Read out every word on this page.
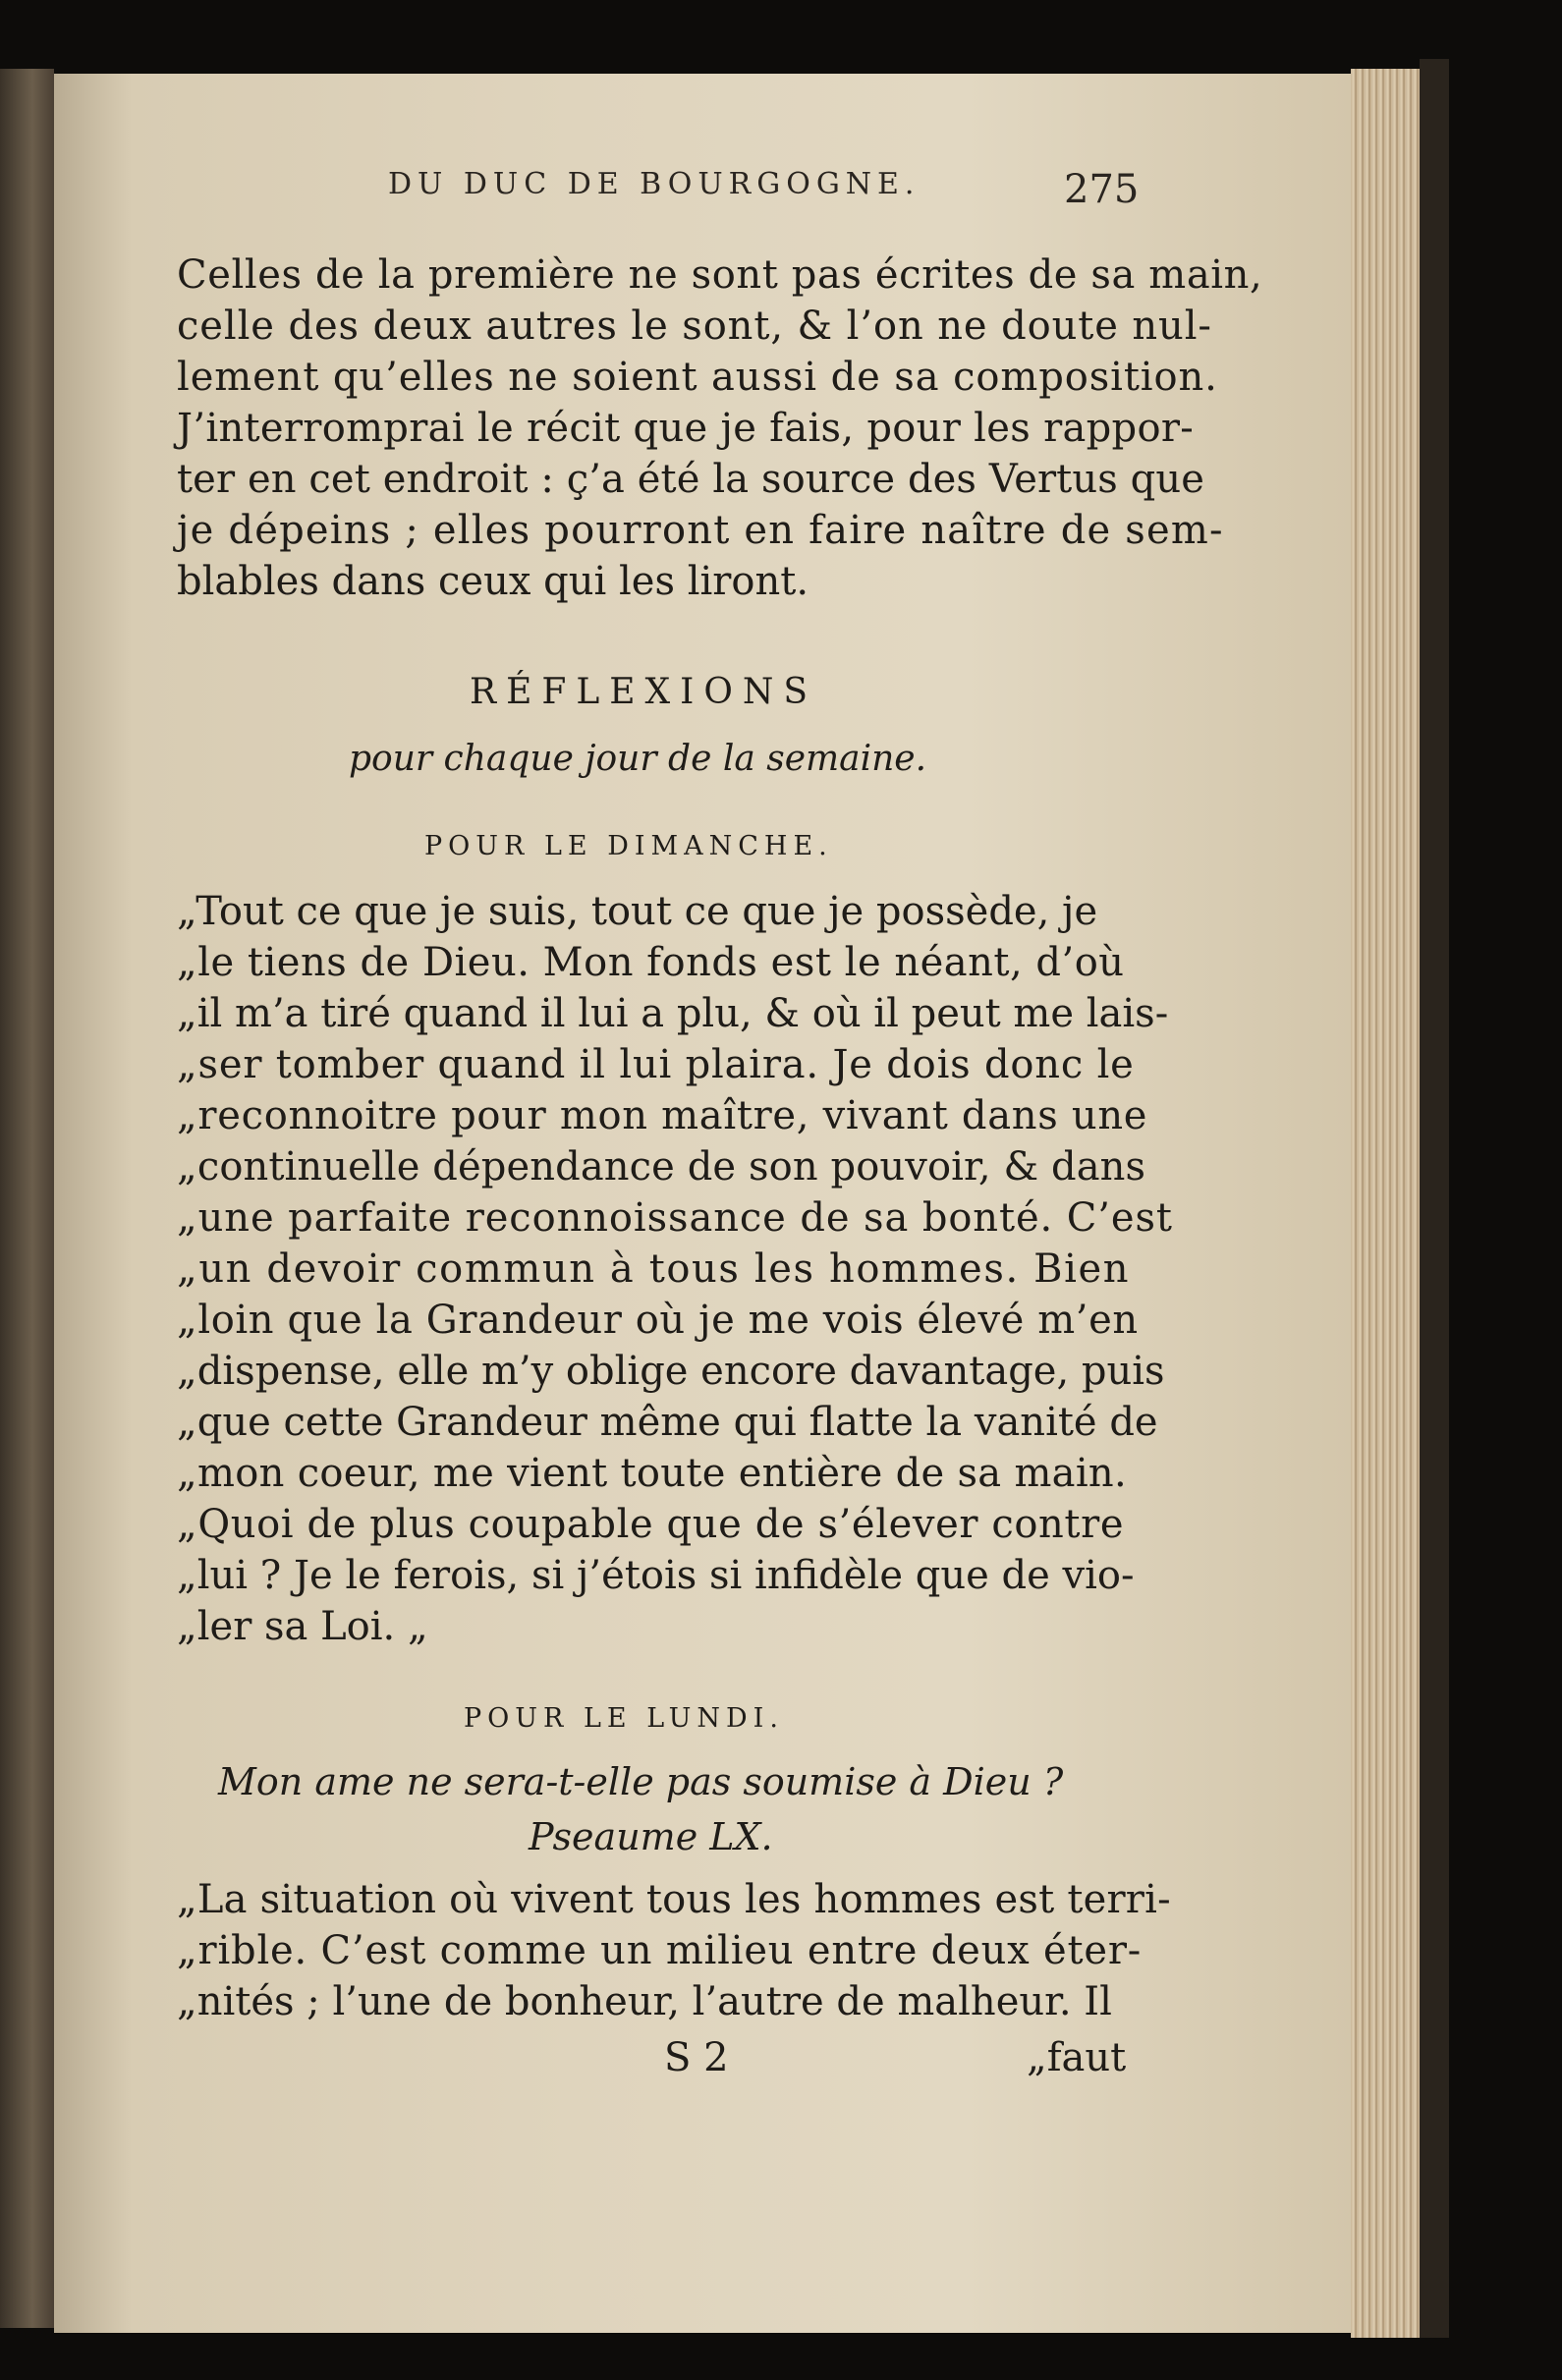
DU DUC DE BOURGOGNE.	275
Celles de la première ne sont pas écrites de sa main,
celle des deux autres le sont, & l’on ne doute nul-
lement qu’elles ne soient aussi de sa composition.
J’interromprai le récit que je fais, pour les rappor-
ter en cet endroit : ç’a été la source des Vertus que
je dépeins ; elles pourront en faire naître de sem-
blables dans ceux qui les liront.
RÉFLEXIONS
pour chaque jour de la semaine.
POUR LE DIMANCHE.
„Tout ce que je suis, tout ce que je possède, je
„le tiens de Dieu. Mon fonds est le néant, d’où
„il m’a tiré quand il lui a plu, & où il peut me lais-
„ser tomber quand il lui plaira. Je dois donc le
„reconnoitre pour mon maître, vivant dans une
„continuelle dépendance de son pouvoir, & dans
„une parfaite reconnoissance de sa bonté. C’est
„un devoir commun à tous les hommes. Bien
„loin que la Grandeur où je me vois élevé m’en
„dispense, elle m’y oblige encore davantage, puis
„que cette Grandeur même qui flatte la vanité de
„mon coeur, me vient toute entière de sa main.
„Quoi de plus coupable que de s’élever contre
„lui ? Je le ferois, si j’étois si infidèle que de vio-
„ler sa Loi. „
POUR LE LUNDI.
Mon ame ne sera-t-elle pas soumise à Dieu ?
Pseaume LX.
„La situation où vivent tous les hommes est terri-
„rible. C’est comme un milieu entre deux éter-
„nités ; l’une de bonheur, l’autre de malheur. Il
S 2	„faut
